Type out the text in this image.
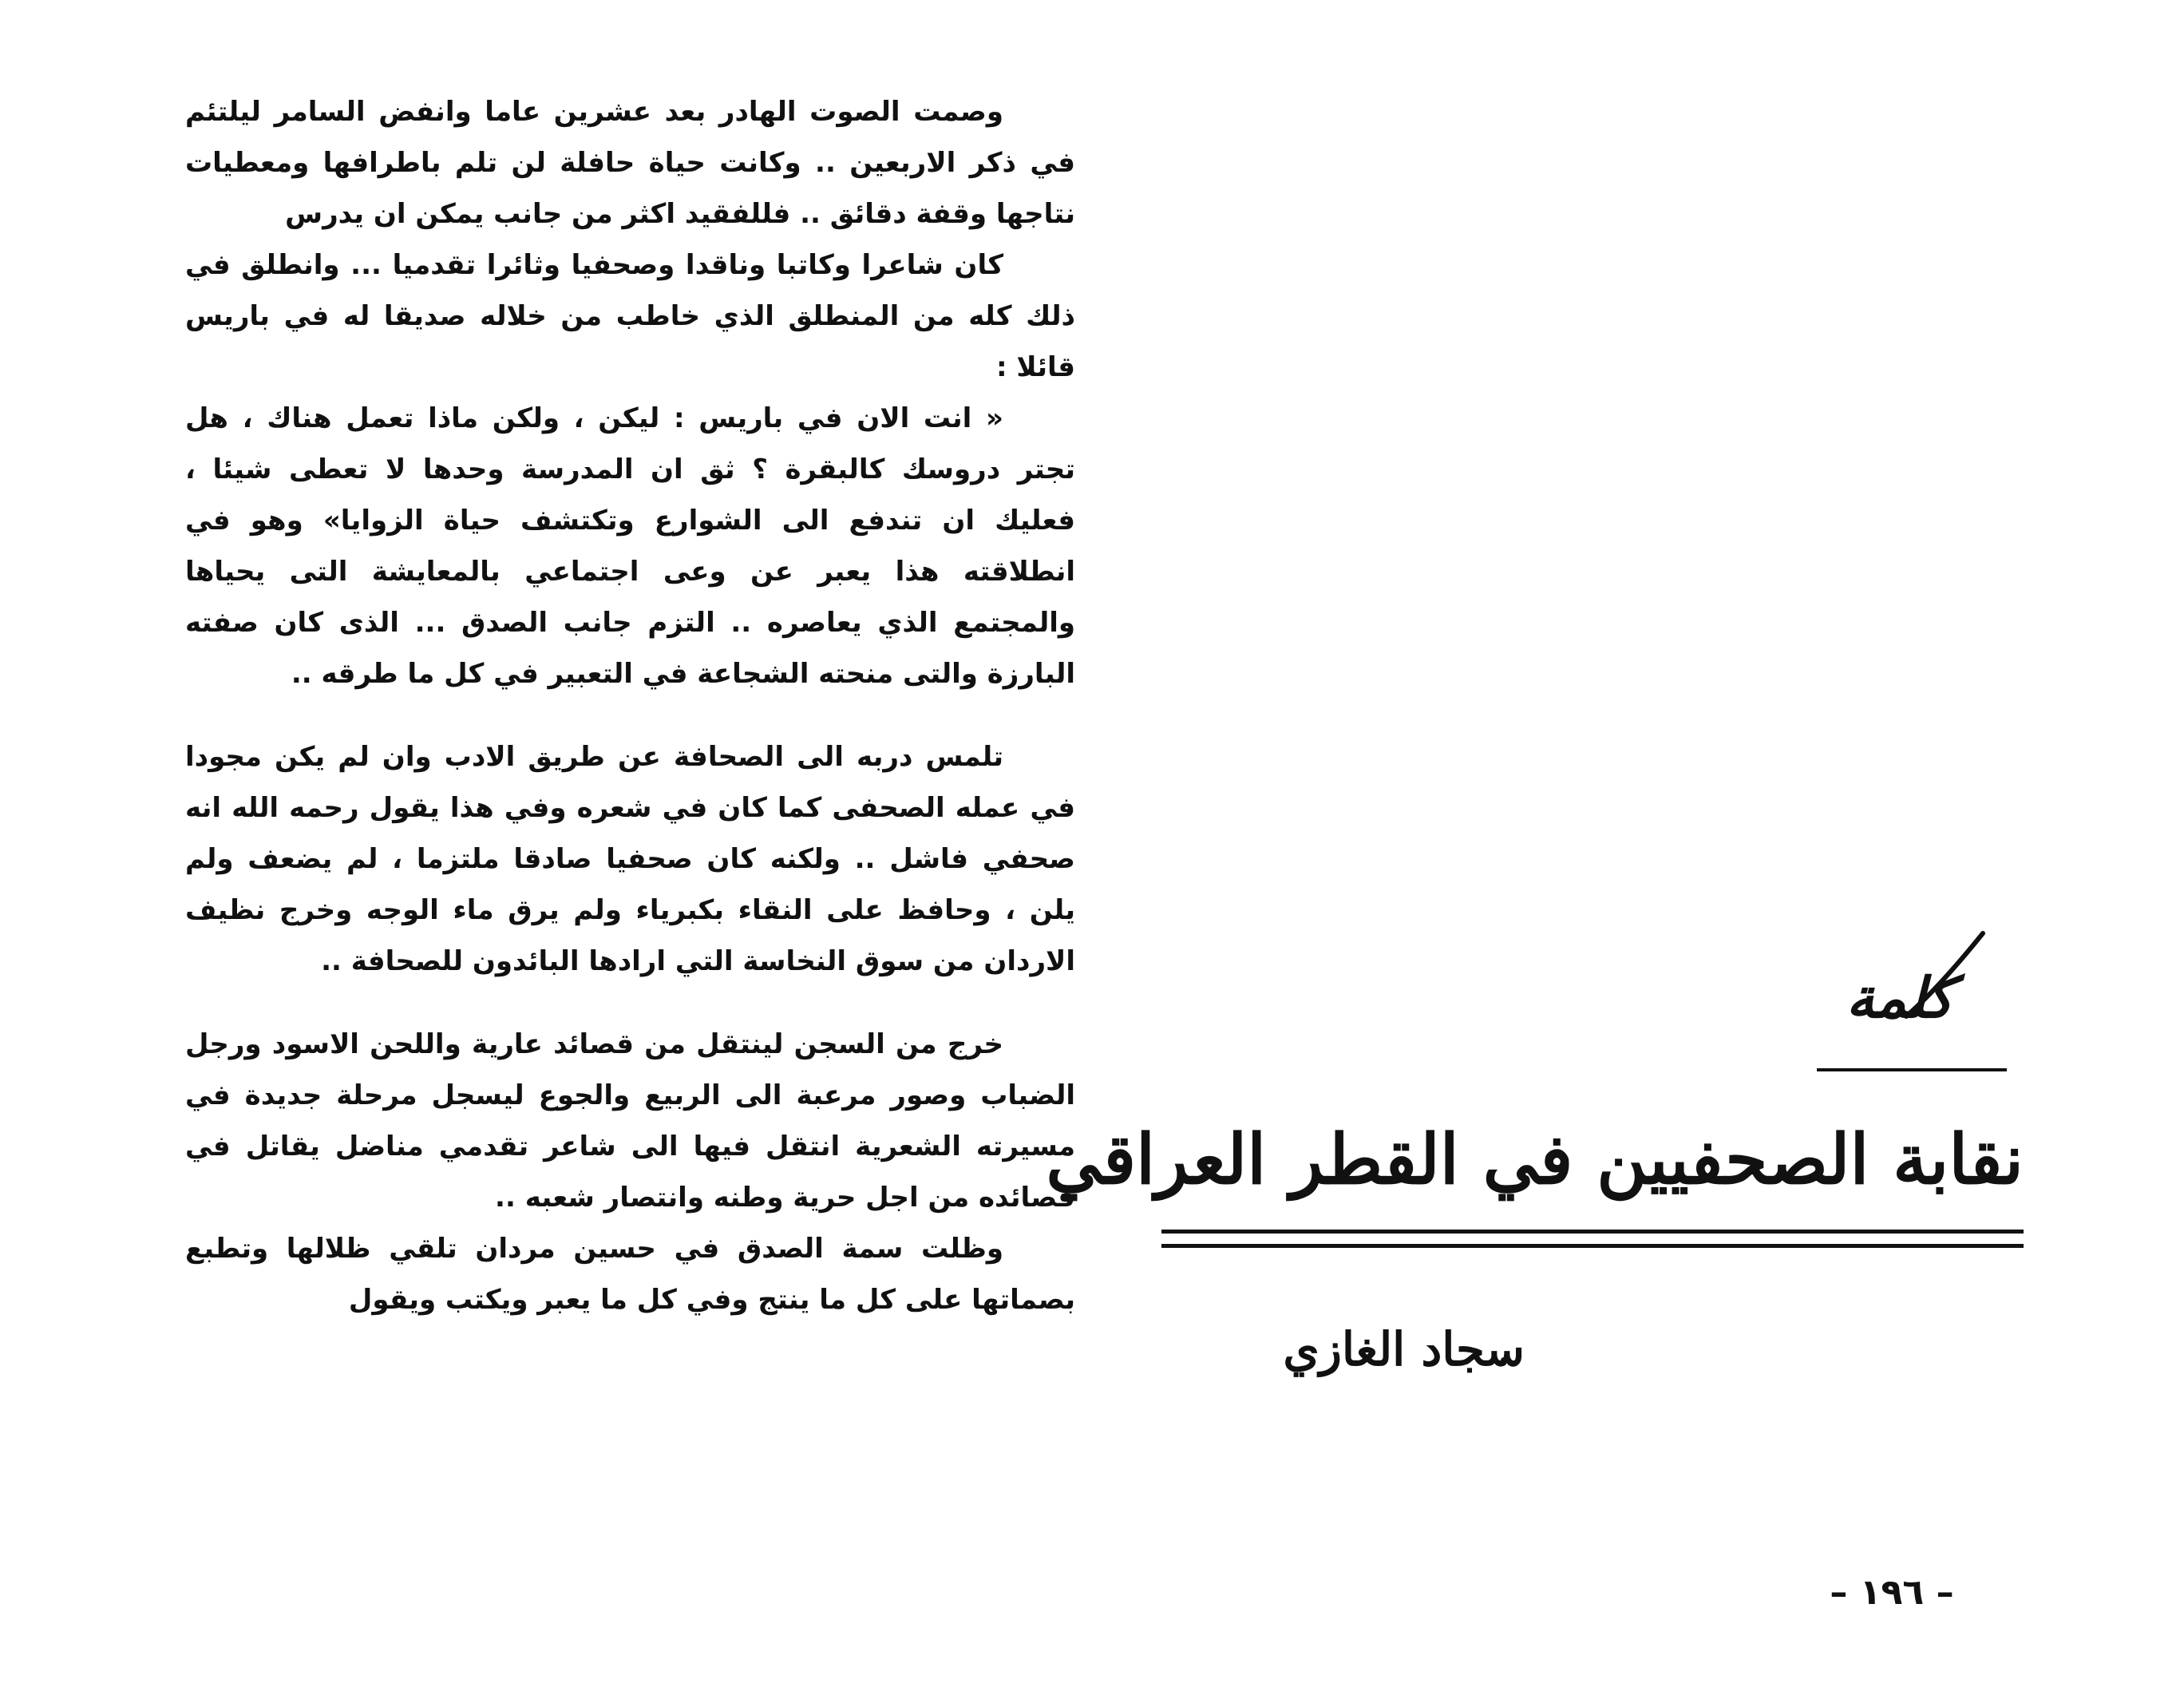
وصمت الصوت الهادر بعد عشرين عاما وانفض السامر ليلتئم في ذكر الاربعين .. وكانت حياة حافلة لن تلم باطرافها ومعطيات نتاجها وقفة دقائق .. فللفقيد اكثر من جانب يمكن ان يدرس

كان شاعرا وكاتبا وناقدا وصحفيا وثائرا تقدميا ... وانطلق في ذلك كله من المنطلق الذي خاطب من خلاله صديقا له في باريس قائلا :

« انت الان في باريس : ليكن ، ولكن ماذا تعمل هناك ، هل تجتر دروسك كالبقرة ؟ ثق ان المدرسة وحدها لا تعطى شيئا ، فعليك ان تندفع الى الشوارع وتكتشف حياة الزوايا» وهو في انطلاقته هذا يعبر عن وعى اجتماعي بالمعايشة التى يحياها والمجتمع الذي يعاصره .. التزم جانب الصدق ... الذى كان صفته البارزة والتى منحته الشجاعة في التعبير في كل ما طرقه ..

تلمس دربه الى الصحافة عن طريق الادب وان لم يكن مجودا في عمله الصحفى كما كان في شعره وفي هذا يقول رحمه الله انه صحفي فاشل .. ولكنه كان صحفيا صادقا ملتزما ، لم يضعف ولم يلن ، وحافظ على النقاء بكبرياء ولم يرق ماء الوجه وخرج نظيف الاردان من سوق النخاسة التي ارادها البائدون للصحافة ..

خرج من السجن لينتقل من قصائد عارية واللحن الاسود ورجل الضباب وصور مرعبة الى الربيع والجوع ليسجل مرحلة جديدة في مسيرته الشعرية انتقل فيها الى شاعر تقدمي مناضل يقاتل في قصائده من اجل حرية وطنه وانتصار شعبه ..

وظلت سمة الصدق في حسين مردان تلقي ظلالها وتطبع بصماتها على كل ما ينتج وفي كل ما يعبر ويكتب ويقول

كلمة
نقابة الصحفيين في القطر العراقي
سجاد الغازي
– ١٩٦ –
